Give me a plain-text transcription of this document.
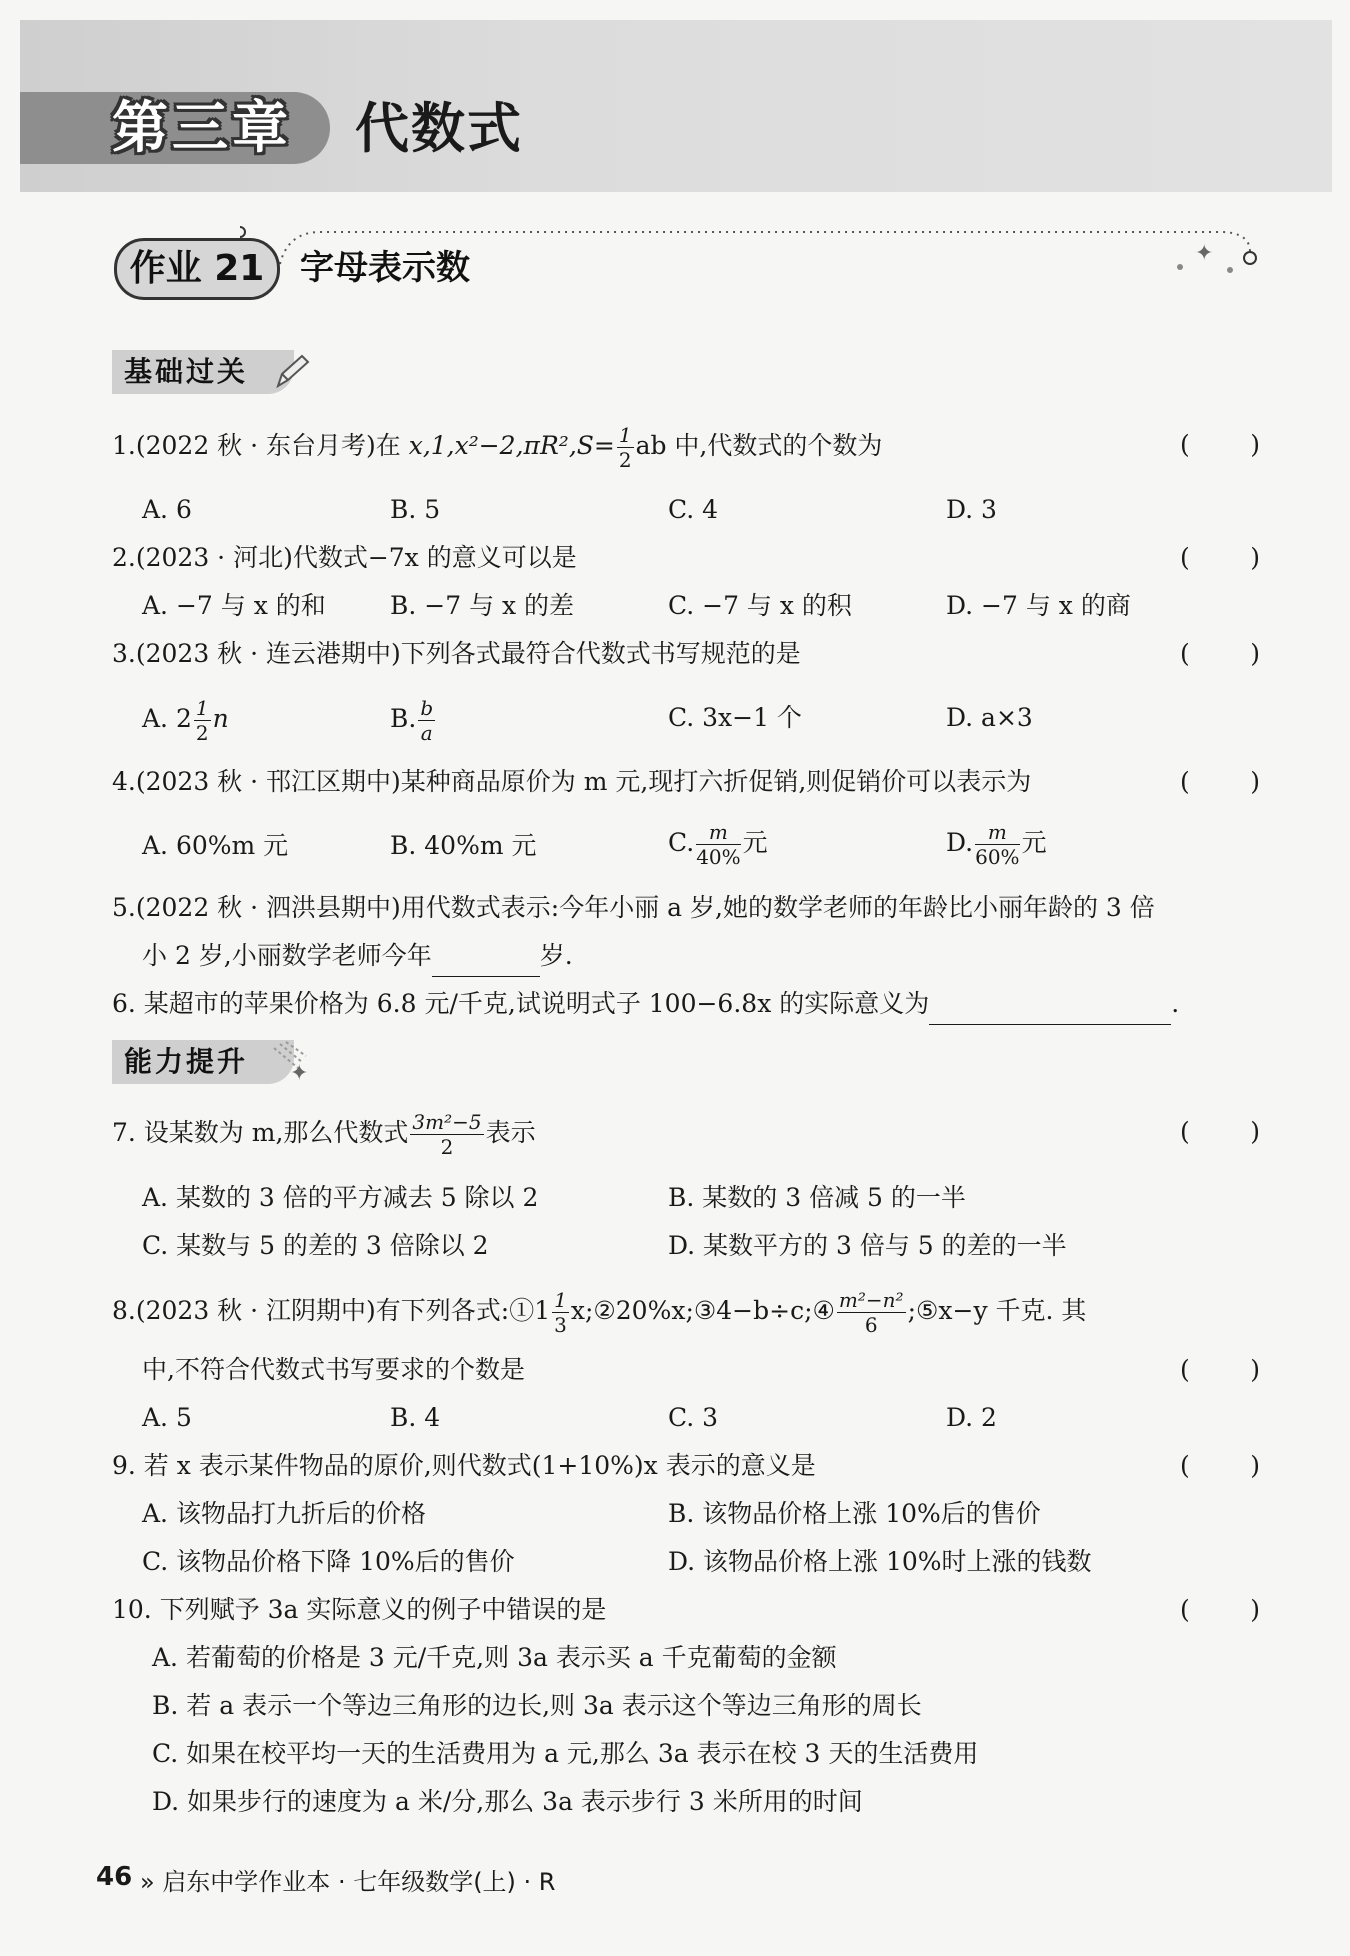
第三章 代数式
✦
作业 21	字母表示数
基础过关
1.(2022 秋 · 东台月考)在 $x,1,x^2-2,\pi R^2,S= \frac{1}{2}$ ab 中,代数式的个数为	( )
A. 6	B. 5	C. 4	D. 3
2.(2023 · 河北)代数式−7x 的意义可以是	( )
A. −7 与 x 的和	B. −7 与 x 的差	C. −7 与 x 的积	D. −7 与 x 的商
3.(2023 秋 · 连云港期中)下列各式最符合代数式书写规范的是	( )
A. $2 \frac{1}{2}$ n	B. $\frac{b}{a}$	C. 3x−1 个	D. a×3
4.(2023 秋 · 邗江区期中)某种商品原价为 m 元,现打六折促销,则促销价可以表示为	( )
A. 60%m 元	B. 40%m 元	C. $\frac{m}{40\%}$ 元	D. $\frac{m}{60\%}$ 元
5.(2022 秋 · 泗洪县期中)用代数式表示:今年小丽 a 岁,她的数学老师的年龄比小丽年龄的 3 倍
小 2 岁,小丽数学老师今年	岁.
6. 某超市的苹果价格为 6.8 元/千克,试说明式子 100−6.8x 的实际意义为	.
能力提升	✦
7. 设某数为 m,那么代数式 $\frac{\text{3m²−5}}{2}$ 表示	( )
A. 某数的 3 倍的平方减去 5 除以 2	B. 某数的 3 倍减 5 的一半
C. 某数与 5 的差的 3 倍除以 2	D. 某数平方的 3 倍与 5 的差的一半
8.(2023 秋 · 江阴期中)有下列各式:①1 $\frac{1}{3}$ x;②20%x;③4−b÷c;④ $\frac{\text{m²−n²}}{6}$ ;⑤x−y 千克. 其
中,不符合代数式书写要求的个数是	( )
A. 5	B. 4	C. 3	D. 2
9. 若 x 表示某件物品的原价,则代数式(1+10%)x 表示的意义是	( )
A. 该物品打九折后的价格	B. 该物品价格上涨 10%后的售价
C. 该物品价格下降 10%后的售价	D. 该物品价格上涨 10%时上涨的钱数
10. 下列赋予 3a 实际意义的例子中错误的是	( )
A. 若葡萄的价格是 3 元/千克,则 3a 表示买 a 千克葡萄的金额
B. 若 a 表示一个等边三角形的边长,则 3a 表示这个等边三角形的周长
C. 如果在校平均一天的生活费用为 a 元,那么 3a 表示在校 3 天的生活费用
D. 如果步行的速度为 a 米/分,那么 3a 表示步行 3 米所用的时间
46 » 启东中学作业本 · 七年级数学(上) · R
